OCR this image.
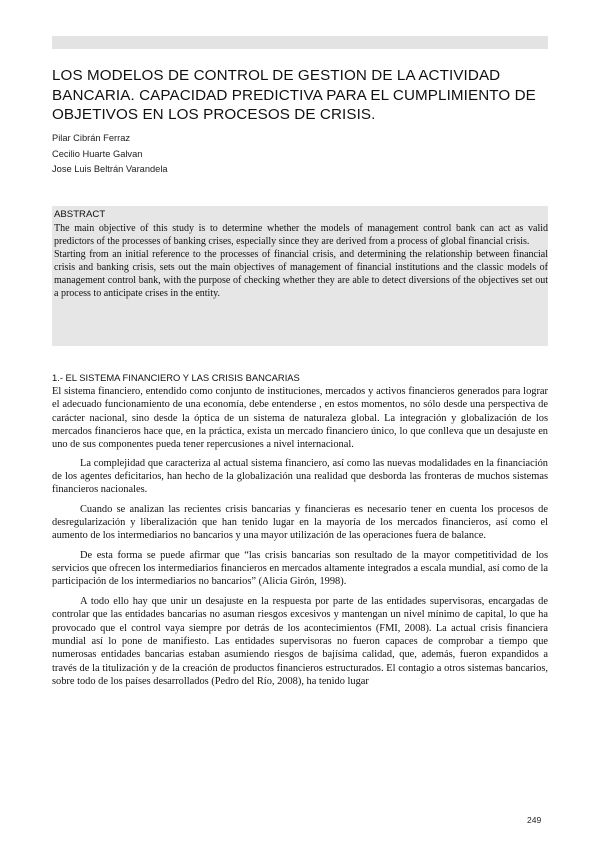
LOS MODELOS DE CONTROL DE GESTION DE LA ACTIVIDAD BANCARIA. CAPACIDAD PREDICTIVA PARA EL CUMPLIMIENTO DE OBJETIVOS EN LOS PROCESOS DE CRISIS.
Pilar Cibrán Ferraz
Cecilio Huarte Galvan
Jose Luis Beltrán Varandela
ABSTRACT

The main objective of this study is to determine whether the models of management control bank can act as valid predictors of the processes of banking crises, especially since they are derived from a process of global financial crisis.

Starting from an initial reference to the processes of financial crisis, and determining the relationship between financial crisis and banking crisis, sets out the main objectives of management of financial institutions and the classic models of management control bank, with the purpose of checking whether they are able to detect diversions of the objectives set out a process to anticipate crises in the entity.

1.- EL SISTEMA FINANCIERO Y LAS CRISIS BANCARIAS

El sistema financiero, entendido como conjunto de instituciones, mercados y activos financieros generados para lograr el adecuado funcionamiento de una economía, debe entenderse , en estos momentos, no sólo desde una perspectiva de carácter nacional, sino desde la óptica de un sistema de naturaleza global. La integración y globalización de los mercados financieros hace que, en la práctica, exista un mercado financiero único, lo que conlleva que un desajuste en uno de sus componentes pueda tener repercusiones a nivel internacional.

La complejidad que caracteriza al actual sistema financiero, así como las nuevas modalidades en la financiación de los agentes deficitarios, han hecho de la globalización una realidad que desborda las fronteras de muchos sistemas financieros nacionales.

Cuando se analizan las recientes crisis bancarias y financieras es necesario tener en cuenta los procesos de desregularización y liberalización que han tenido lugar en la mayoría de los mercados financieros, así como el aumento de los intermediarios no bancarios y una mayor utilización de las operaciones fuera de balance.

De esta forma se puede afirmar que “las crisis bancarias son resultado de la mayor competitividad de los servicios que ofrecen los intermediarios financieros en mercados altamente integrados a escala mundial, así como de la participación de los intermediarios no bancarios” (Alicia Girón, 1998).

A todo ello hay que unir un desajuste en la respuesta por parte de las entidades supervisoras, encargadas de controlar que las entidades bancarias no asuman riesgos excesivos y mantengan un nivel mínimo de capital, lo que ha provocado que el control vaya siempre por detrás de los acontecimientos (FMI, 2008). La actual crisis financiera mundial así lo pone de manifiesto. Las entidades supervisoras no fueron capaces de comprobar a tiempo que numerosas entidades bancarias estaban asumiendo riesgos de bajísima calidad, que, además, fueron expandidos a través de la titulización y de la creación de productos financieros estructurados. El contagio a otros sistemas bancarios, sobre todo de los países desarrollados (Pedro del Río, 2008), ha tenido lugar

249
